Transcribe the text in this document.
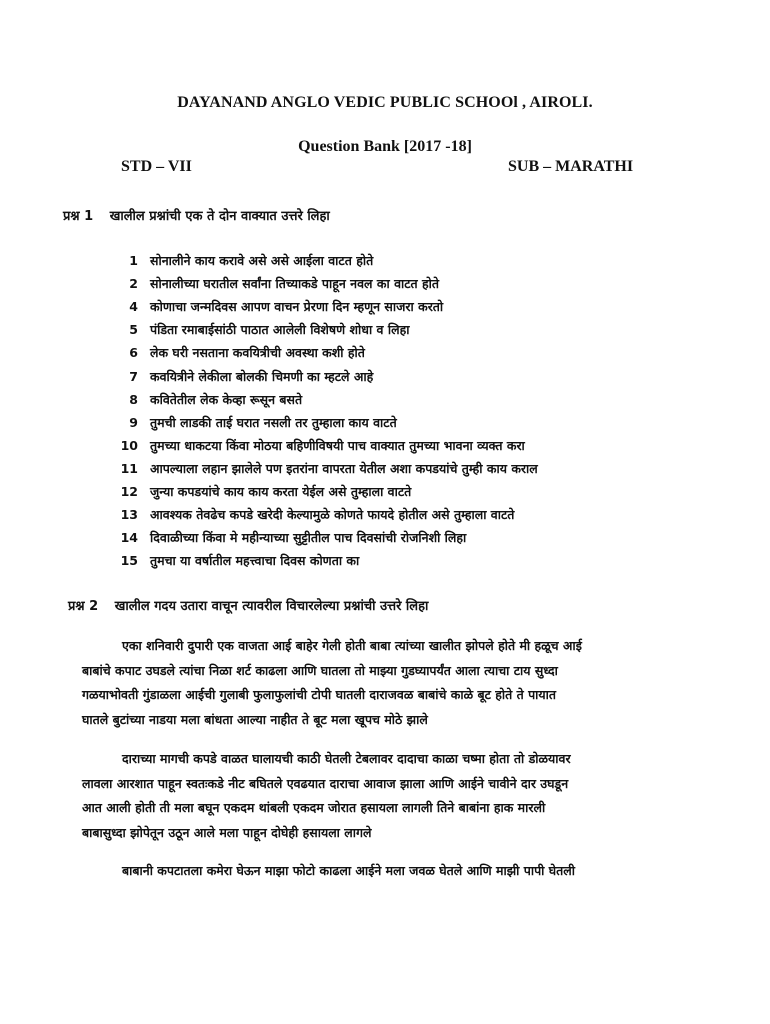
DAYANAND ANGLO VEDIC PUBLIC SCHOOl , AIROLI.
Question Bank [2017 -18]
STD – VII	SUB – MARATHI
प्रश्न 1 खालील प्रश्नांची एक ते दोन वाक्यात उत्तरे लिहा
1 सोनालीने काय करावे असे असे आईला वाटत होते
2 सोनालीच्या घरातील सर्वांना तिच्याकडे पाहून नवल का वाटत होते
4 कोणाचा जन्मदिवस आपण वाचन प्रेरणा दिन म्हणून साजरा करतो
5 पंडिता रमाबाईसांठी पाठात आलेली विशेषणे शोधा व लिहा
6 लेक घरी नसताना कवयित्रीची अवस्था कशी होते
7 कवयित्रीने लेकीला बोलकी चिमणी का म्हटले आहे
8 कवितेतील लेक केव्हा रूसून बसते
9 तुमची लाडकी ताई घरात नसली तर तुम्हाला काय वाटते
10 तुमच्या धाकटया किंवा मोठया बहिणीविषयी पाच वाक्यात तुमच्या भावना व्यक्त करा
11 आपल्याला लहान झालेले पण इतरांना वापरता येतील अशा कपडयांचे तुम्ही काय कराल
12 जुन्या कपडयांचे काय काय करता येईल असे तुम्हाला वाटते
13 आवश्यक तेवढेच कपडे खरेदी केल्यामुळे कोणते फायदे होतील असे तुम्हाला वाटते
14 दिवाळीच्या किंवा मे महीन्याच्या सुट्टीतील पाच दिवसांची रोजनिशी लिहा
15 तुमचा या वर्षातील महत्त्वाचा दिवस कोणता का
प्रश्न 2 खालील गदय उतारा वाचून त्यावरील विचारलेल्या प्रश्नांची उत्तरे लिहा
एका शनिवारी दुपारी एक वाजता आई बाहेर गेली होती बाबा त्यांच्या खालीत झोपले होते मी हळूच आई
बाबांचे कपाट उघडले त्यांचा निळा शर्ट काढला आणि घातला तो माझ्या गुडघ्यापर्यंत आला त्याचा टाय सुध्दा
गळयाभोवती गुंडाळला आईची गुलाबी फुलाफुलांची टोपी घातली दाराजवळ बाबांचे काळे बूट होते ते पायात
घातले बुटांच्या नाडया मला बांधता आल्या नाहीत ते बूट मला खूपच मोठे झाले
दाराच्या मागची कपडे वाळत घालायची काठी घेतली टेबलावर दादाचा काळा चष्मा होता तो डोळयावर
लावला आरशात पाहून स्वतःकडे नीट बघितले एवढयात दाराचा आवाज झाला आणि आईने चावीने दार उघडून
आत आली होती ती मला बघून एकदम थांबली एकदम जोरात हसायला लागली तिने बाबांना हाक मारली
बाबासुध्दा झोपेतून उठून आले मला पाहून दोघेही हसायला लागले
बाबानी कपटातला कमेरा घेऊन माझा फोटो काढला आईने मला जवळ घेतले आणि माझी पापी घेतली
